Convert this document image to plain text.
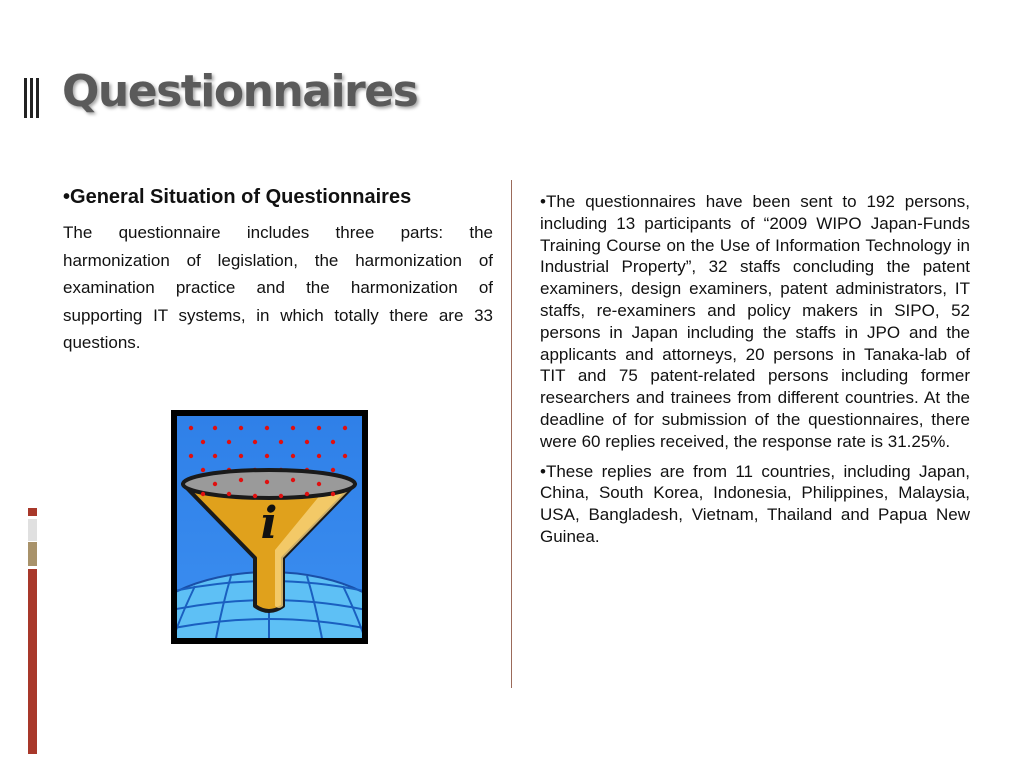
Questionnaires
•General Situation of Questionnaires

The questionnaire includes three parts: the harmonization of legislation, the harmonization of examination practice and the harmonization of supporting IT systems, in which totally there are 33 questions.

•The questionnaires have been sent to 192 persons, including 13 participants of “2009 WIPO Japan-Funds Training Course on the Use of Information Technology in Industrial Property”, 32 staffs concluding the patent examiners, design examiners, patent administrators, IT staffs, re-examiners and policy makers in SIPO, 52 persons in Japan including the staffs in JPO and the applicants and attorneys, 20 persons in Tanaka-lab of TIT and 75 patent-related persons including former researchers and trainees from different countries. At the deadline of for submission of the questionnaires, there were 60 replies received, the response rate is 31.25%.

•These replies are from 11 countries, including Japan, China, South Korea, Indonesia, Philippines, Malaysia, USA, Bangladesh, Vietnam, Thailand and Papua New Guinea.

i
